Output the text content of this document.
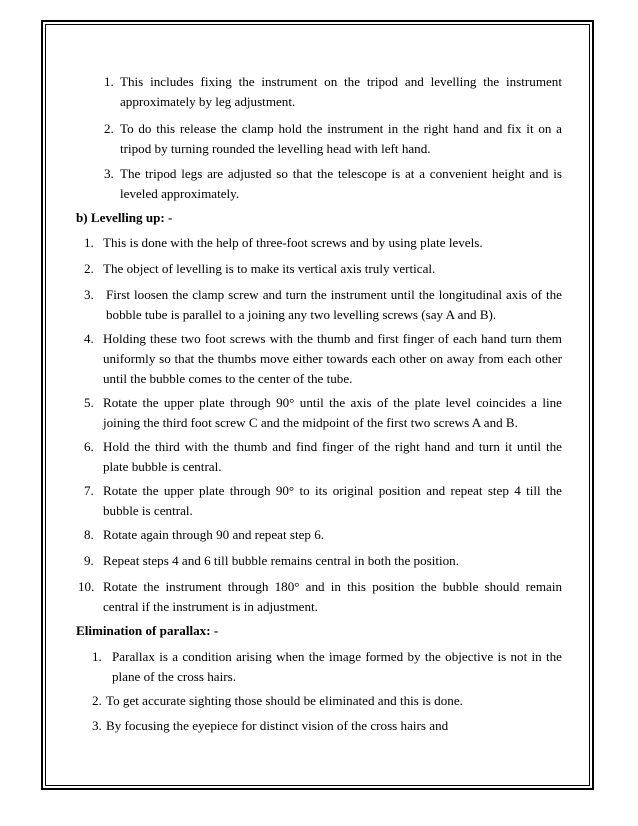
1. This includes fixing the instrument on the tripod and levelling the instrument approximately by leg adjustment.
2. To do this release the clamp hold the instrument in the right hand and fix it on a tripod by turning rounded the levelling head with left hand.
3. The tripod legs are adjusted so that the telescope is at a convenient height and is leveled approximately.
b) Levelling up: -
1. This is done with the help of three-foot screws and by using plate levels.
2. The object of levelling is to make its vertical axis truly vertical.
3. First loosen the clamp screw and turn the instrument until the longitudinal axis of the bobble tube is parallel to a joining any two levelling screws (say A and B).
4. Holding these two foot screws with the thumb and first finger of each hand turn them uniformly so that the thumbs move either towards each other on away from each other until the bubble comes to the center of the tube.
5. Rotate the upper plate through 90° until the axis of the plate level coincides a line joining the third foot screw C and the midpoint of the first two screws A and B.
6. Hold the third with the thumb and find finger of the right hand and turn it until the plate bubble is central.
7. Rotate the upper plate through 90° to its original position and repeat step 4 till the bubble is central.
8. Rotate again through 90 and repeat step 6.
9. Repeat steps 4 and 6 till bubble remains central in both the position.
10. Rotate the instrument through 180° and in this position the bubble should remain central if the instrument is in adjustment.
Elimination of parallax: -
1. Parallax is a condition arising when the image formed by the objective is not in the plane of the cross hairs.
2. To get accurate sighting those should be eliminated and this is done.
3. By focusing the eyepiece for distinct vision of the cross hairs and
